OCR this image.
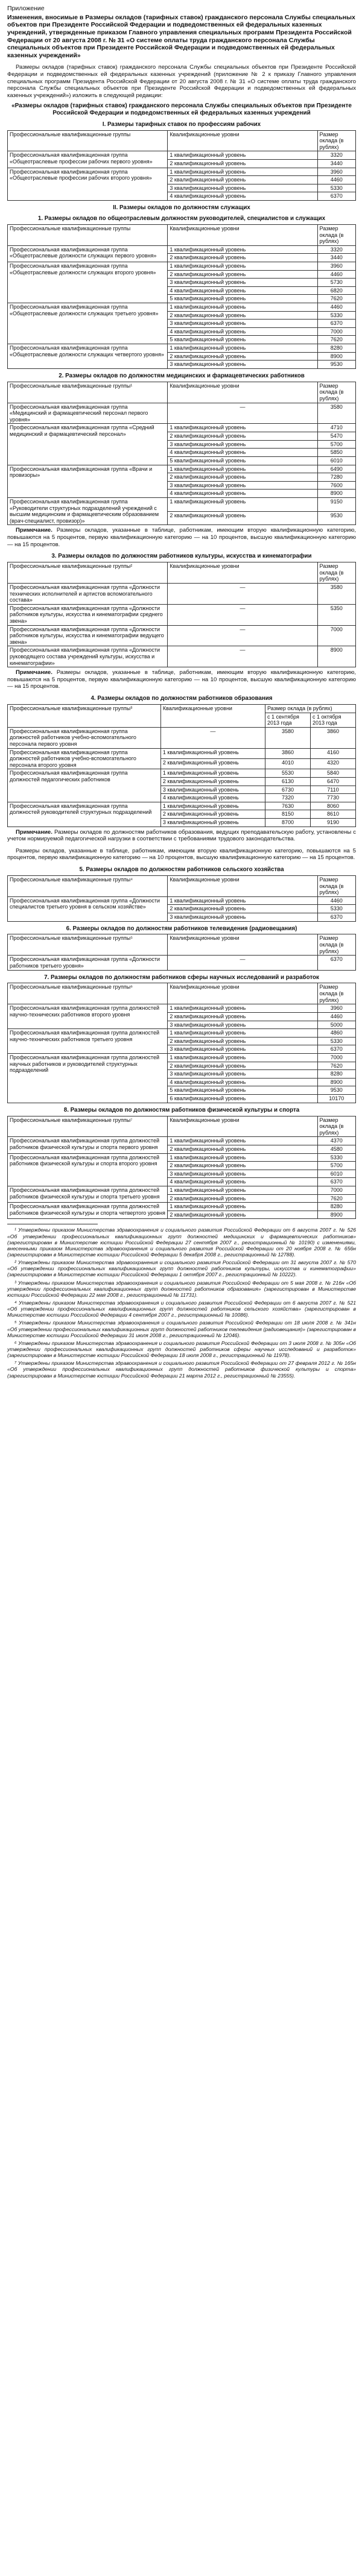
Приложение
Изменения, вносимые в Размеры окладов (тарифных ставок) гражданского персонала Службы специальных объектов при Президенте Российской Федерации и подведомственных ей федеральных казенных учреждений, утвержденные приказом Главного управления специальных программ Президента Российской Федерации от 20 августа 2008 г. № 31 «О системе оплаты труда гражданского персонала Службы специальных объектов при Президенте Российской Федерации и подведомственных ей федеральных казенных учреждений»

Размеры окладов (тарифных ставок) гражданского персонала Службы специальных объектов при Президенте Российской Федерации и подведомственных ей федеральных казенных учреждений (приложение № 2 к приказу Главного управления специальных программ Президента Российской Федерации от 20 августа 2008 г. № 31 «О системе оплаты труда гражданского персонала Службы специальных объектов при Президенте Российской Федерации и подведомственных ей федеральных казенных учреждений») изложить в следующей редакции:

«Размеры окладов (тарифных ставок) гражданского персонала Службы специальных объектов при Президенте Российской Федерации и подведомственных ей федеральных казенных учреждений
I. Размеры тарифных ставок по профессиям рабочих
Профессиональные квалификационные группы	Квалификационные уровни	Размер оклада (в рублях)
Профессиональная квалификационная группа «Общеотраслевые профессии рабочих первого уровня»	1 квалификационный уровень	3320
	2 квалификационный уровень	3440
Профессиональная квалификационная группа «Общеотраслевые профессии рабочих второго уровня»	1 квалификационный уровень	3960
	2 квалификационный уровень	4460
	3 квалификационный уровень	5330
	4 квалификационный уровень	6370
II. Размеры окладов по должностям служащих
1. Размеры окладов по общеотраслевым должностям руководителей, специалистов и служащих
Профессиональные квалификационные группы	Квалификационные уровни	Размер оклада (в рублях)
Профессиональная квалификационная группа «Общеотраслевые должности служащих первого уровня»	1 квалификационный уровень	3320
	2 квалификационный уровень	3440
Профессиональная квалификационная группа «Общеотраслевые должности служащих второго уровня»	1 квалификационный уровень	3960
	2 квалификационный уровень	4460
	3 квалификационный уровень	5730
	4 квалификационный уровень	6820
	5 квалификационный уровень	7620
Профессиональная квалификационная группа «Общеотраслевые должности служащих третьего уровня»	1 квалификационный уровень	4460
	2 квалификационный уровень	5330
	3 квалификационный уровень	6370
	4 квалификационный уровень	7000
	5 квалификационный уровень	7620
Профессиональная квалификационная группа «Общеотраслевые должности служащих четвертого уровня»	1 квалификационный уровень	8280
	2 квалификационный уровень	8900
	3 квалификационный уровень	9530
2. Размеры окладов по должностям медицинских и фармацевтических работников
Профессиональные квалификационные группы¹	Квалификационные уровни	Размер оклада (в рублях)
Профессиональная квалификационная группа «Медицинский и фармацевтический персонал первого уровня»	—	3580
Профессиональная квалификационная группа «Средний медицинский и фармацевтический персонал»	1 квалификационный уровень	4710
	2 квалификационный уровень	5470
	3 квалификационный уровень	5700
	4 квалификационный уровень	5850
	5 квалификационный уровень	6010
Профессиональная квалификационная группа «Врачи и провизоры»	1 квалификационный уровень	6490
	2 квалификационный уровень	7280
	3 квалификационный уровень	7600
	4 квалификационный уровень	8900
Профессиональная квалификационная группа «Руководители структурных подразделений учреждений с высшим медицинским и фармацевтическим образованием (врач-специалист, провизор)»	1 квалификационный уровень	9150
	2 квалификационный уровень	9530
Примечание. Размеры окладов, указанные в таблице, работникам, имеющим вторую квалификационную категорию, повышаются на 5 процентов, первую квалификационную категорию — на 10 процентов, высшую квалификационную категорию — на 15 процентов.
3. Размеры окладов по должностям работников культуры, искусства и кинематографии
Профессиональные квалификационные группы²	Квалификационные уровни	Размер оклада (в рублях)
Профессиональная квалификационная группа «Должности технических исполнителей и артистов вспомогательного состава»	—	3580
Профессиональная квалификационная группа «Должности работников культуры, искусства и кинематографии среднего звена»	—	5350
Профессиональная квалификационная группа «Должности работников культуры, искусства и кинематографии ведущего звена»	—	7000
Профессиональная квалификационная группа «Должности руководящего состава учреждений культуры, искусства и кинематографии»	—	8900
Примечание. Размеры окладов, указанные в таблице, работникам, имеющим вторую квалификационную категорию, повышаются на 5 процентов, первую квалификационную категорию — на 10 процентов, высшую квалификационную категорию — на 15 процентов.
4. Размеры окладов по должностям работников образования
Профессиональные квалификационные группы³	Квалификационные уровни	Размер оклада (в рублях)	
		с 1 сентября 2013 года	с 1 октября 2013 года
Профессиональная квалификационная группа должностей работников учебно-вспомогательного персонала первого уровня	—	3580	3860
Профессиональная квалификационная группа должностей работников учебно-вспомогательного персонала второго уровня	1 квалификационный уровень	3860	4160
	2 квалификационный уровень	4010	4320
Профессиональная квалификационная группа должностей педагогических работников	1 квалификационный уровень	5530	5840
	2 квалификационный уровень	6130	6470
	3 квалификационный уровень	6730	7110
	4 квалификационный уровень	7320	7730
Профессиональная квалификационная группа должностей руководителей структурных подразделений	1 квалификационный уровень	7630	8060
	2 квалификационный уровень	8150	8610
	3 квалификационный уровень	8700	9190
Примечание. Размеры окладов по должностям работников образования, ведущих преподавательскую работу, установлены с учетом нормируемой педагогической нагрузки в соответствии с требованиями трудового законодательства.
Размеры окладов, указанные в таблице, работникам, имеющим вторую квалификационную категорию, повышаются на 5 процентов, первую квалификационную категорию — на 10 процентов, высшую квалификационную категорию — на 15 процентов.
5. Размеры окладов по должностям работников сельского хозяйства
Профессиональные квалификационные группы⁴	Квалификационные уровни	Размер оклада (в рублях)
Профессиональная квалификационная группа «Должности специалистов третьего уровня в сельском хозяйстве»	1 квалификационный уровень	4460
	2 квалификационный уровень	5330
	3 квалификационный уровень	6370
6. Размеры окладов по должностям работников телевидения (радиовещания)
Профессиональные квалификационные группы⁵	Квалификационные уровни	Размер оклада (в рублях)
Профессиональная квалификационная группа «Должности работников третьего уровня»	—	6370
7. Размеры окладов по должностям работников сферы научных исследований и разработок
Профессиональные квалификационные группы⁶	Квалификационные уровни	Размер оклада (в рублях)
Профессиональная квалификационная группа должностей научно-технических работников второго уровня	1 квалификационный уровень	3960
	2 квалификационный уровень	4460
	3 квалификационный уровень	5000
Профессиональная квалификационная группа должностей научно-технических работников третьего уровня	1 квалификационный уровень	4860
	2 квалификационный уровень	5330
	3 квалификационный уровень	6370
Профессиональная квалификационная группа должностей научных работников и руководителей структурных подразделений	1 квалификационный уровень	7000
	2 квалификационный уровень	7620
	3 квалификационный уровень	8280
	4 квалификационный уровень	8900
	5 квалификационный уровень	9530
	6 квалификационный уровень	10170
8. Размеры окладов по должностям работников физической культуры и спорта
Профессиональные квалификационные группы⁷	Квалификационные уровни	Размер оклада (в рублях)
Профессиональная квалификационная группа должностей работников физической культуры и спорта первого уровня	1 квалификационный уровень	4370
	2 квалификационный уровень	4580
Профессиональная квалификационная группа должностей работников физической культуры и спорта второго уровня	1 квалификационный уровень	5330
	2 квалификационный уровень	5700
	3 квалификационный уровень	6010
	4 квалификационный уровень	6370
Профессиональная квалификационная группа должностей работников физической культуры и спорта третьего уровня	1 квалификационный уровень	7000
	2 квалификационный уровень	7620
Профессиональная квалификационная группа должностей работников физической культуры и спорта четвертого уровня	1 квалификационный уровень	8280
	2 квалификационный уровень	8900

¹ Утверждены приказом Министерства здравоохранения и социального развития Российской Федерации от 6 августа 2007 г. № 526 «Об утверждении профессиональных квалификационных групп должностей медицинских и фармацевтических работников» (зарегистрирован в Министерстве юстиции Российской Федерации 27 сентября 2007 г., регистрационный № 10190) с изменениями, внесенными приказом Министерства здравоохранения и социального развития Российской Федерации от 20 ноября 2008 г. № 656н (зарегистрирован в Министерстве юстиции Российской Федерации 5 декабря 2008 г., регистрационный № 12788).

² Утверждены приказом Министерства здравоохранения и социального развития Российской Федерации от 31 августа 2007 г. № 570 «Об утверждении профессиональных квалификационных групп должностей работников культуры, искусства и кинематографии» (зарегистрирован в Министерстве юстиции Российской Федерации 1 октября 2007 г., регистрационный № 10222).

³ Утверждены приказом Министерства здравоохранения и социального развития Российской Федерации от 5 мая 2008 г. № 216н «Об утверждении профессиональных квалификационных групп должностей работников образования» (зарегистрирован в Министерстве юстиции Российской Федерации 22 мая 2008 г., регистрационный № 11731).

⁴ Утверждены приказом Министерства здравоохранения и социального развития Российской Федерации от 6 августа 2007 г. № 521 «Об утверждении профессиональных квалификационных групп должностей работников сельского хозяйства» (зарегистрирован в Министерстве юстиции Российской Федерации 4 сентября 2007 г., регистрационный № 10086).

⁵ Утверждены приказом Министерства здравоохранения и социального развития Российской Федерации от 18 июля 2008 г. № 341н «Об утверждении профессиональных квалификационных групп должностей работников телевидения (радиовещания)» (зарегистрирован в Министерстве юстиции Российской Федерации 31 июля 2008 г., регистрационный № 12046).

⁶ Утверждены приказом Министерства здравоохранения и социального развития Российской Федерации от 3 июля 2008 г. № 305н «Об утверждении профессиональных квалификационных групп должностей работников сферы научных исследований и разработок» (зарегистрирован в Министерстве юстиции Российской Федерации 18 июля 2008 г., регистрационный № 11978).

⁷ Утверждены приказом Министерства здравоохранения и социального развития Российской Федерации от 27 февраля 2012 г. № 165н «Об утверждении профессиональных квалификационных групп должностей работников физической культуры и спорта» (зарегистрирован в Министерстве юстиции Российской Федерации 21 марта 2012 г., регистрационный № 23555).
